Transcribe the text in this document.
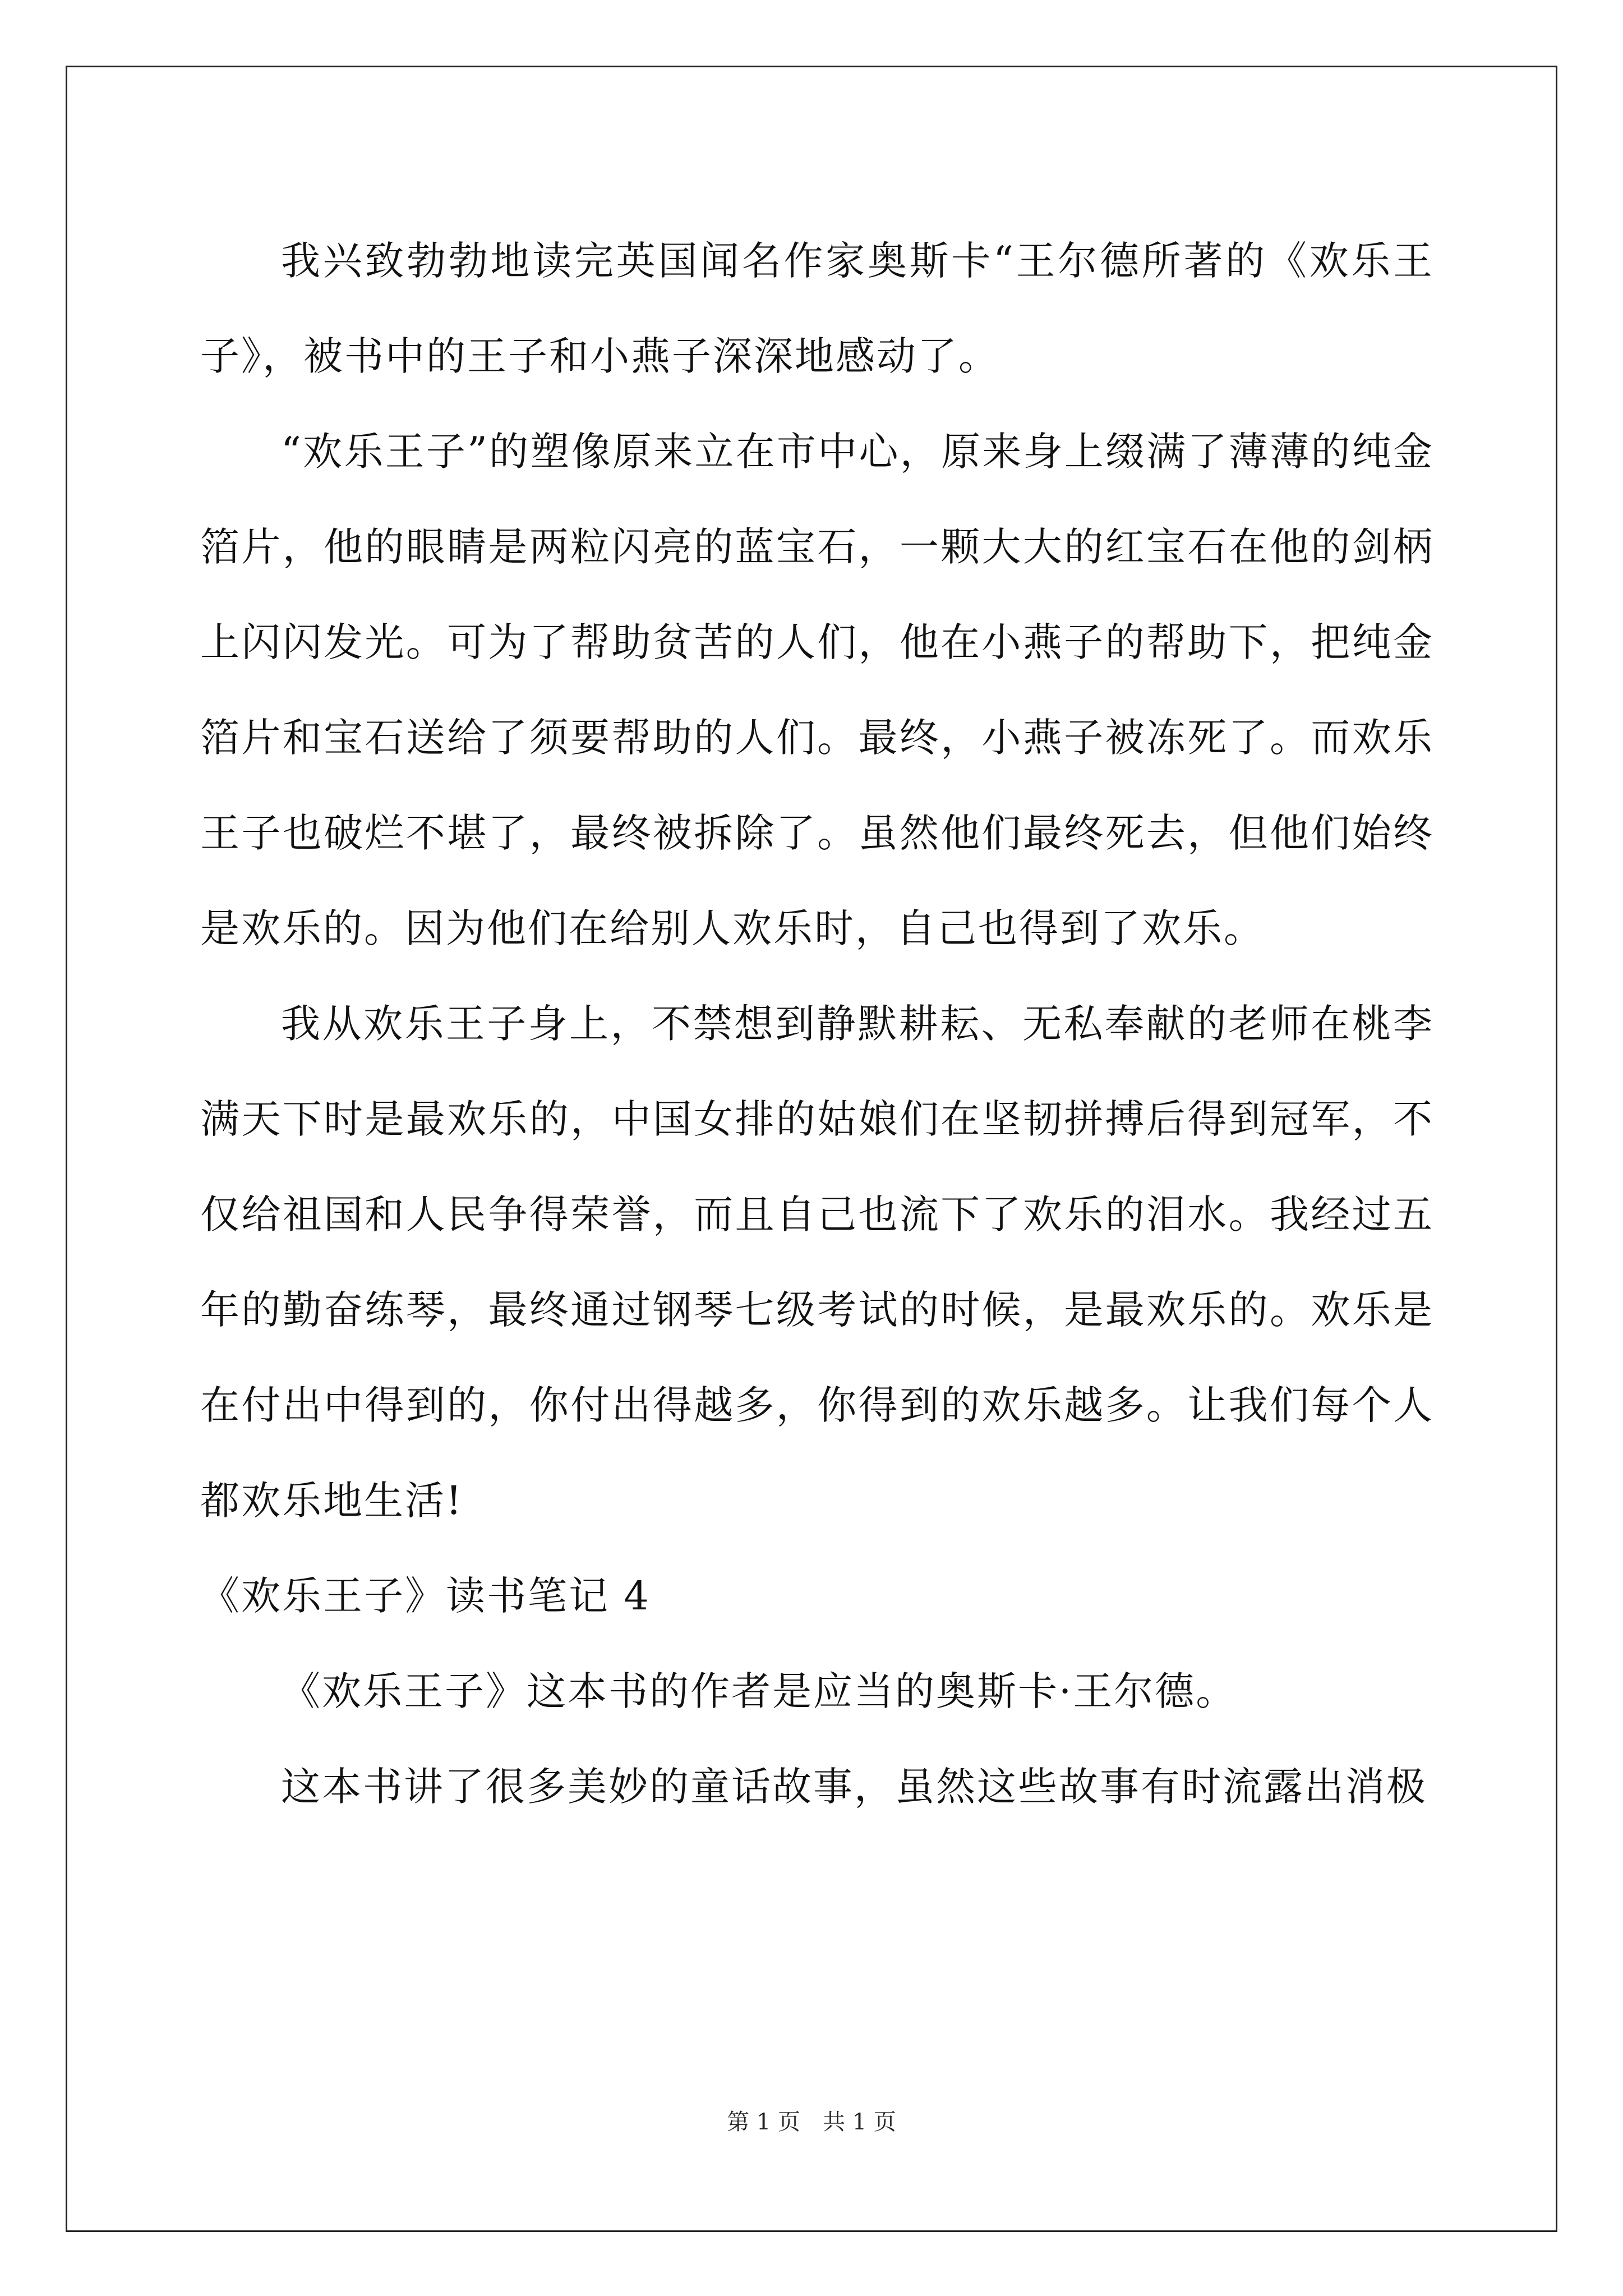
我兴致勃勃地读完英国闻名作家奥斯卡“王尔德所著的《欢乐王子》，被书中的王子和小燕子深深地感动了。

“欢乐王子”的塑像原来立在市中心，原来身上缀满了薄薄的纯金箔片，他的眼睛是两粒闪亮的蓝宝石，一颗大大的红宝石在他的剑柄上闪闪发光。可为了帮助贫苦的人们，他在小燕子的帮助下，把纯金箔片和宝石送给了须要帮助的人们。最终，小燕子被冻死了。而欢乐王子也破烂不堪了，最终被拆除了。虽然他们最终死去，但他们始终是欢乐的。因为他们在给别人欢乐时，自己也得到了欢乐。

我从欢乐王子身上，不禁想到静默耕耘、无私奉献的老师在桃李满天下时是最欢乐的，中国女排的姑娘们在坚韧拼搏后得到冠军，不仅给祖国和人民争得荣誉，而且自己也流下了欢乐的泪水。我经过五年的勤奋练琴，最终通过钢琴七级考试的时候，是最欢乐的。欢乐是在付出中得到的，你付出得越多，你得到的欢乐越多。让我们每个人都欢乐地生活!

《欢乐王子》读书笔记 4

《欢乐王子》这本书的作者是应当的奥斯卡·王尔德。

这本书讲了很多美妙的童话故事，虽然这些故事有时流露出消极

第 1 页　共 1 页
